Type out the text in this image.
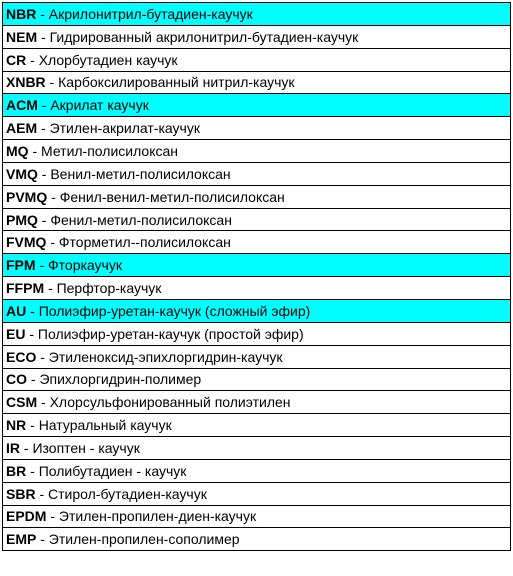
NBR - Акрилонитрил-бутадиен-каучук
NEM - Гидрированный акрилонитрил-бутадиен-каучук
CR - Хлорбутадиен каучук
XNBR - Карбоксилированный нитрил-каучук
ACM - Акрилат каучук
AEM - Этилен-акрилат-каучук
MQ - Метил-полисилоксан
VMQ - Венил-метил-полисилоксан
PVMQ - Фенил-венил-метил-полисилоксан
PMQ - Фенил-метил-полисилоксан
FVMQ - Фторметил--полисилоксан
FPM - Фторкаучук
FFPM - Перфтор-каучук
AU - Полиэфир-уретан-каучук (сложный эфир)
EU - Полиэфир-уретан-каучук (простой эфир)
ECO - Этиленоксид-эпихлоргидрин-каучук
CO - Эпихлоргидрин-полимер
CSM - Хлорсульфонированный полиэтилен
NR - Натуральный каучук
IR - Изоптен - каучук
BR - Полибутадиен - каучук
SBR - Стирол-бутадиен-каучук
EPDM - Этилен-пропилен-диен-каучук
EMP - Этилен-пропилен-сополимер
